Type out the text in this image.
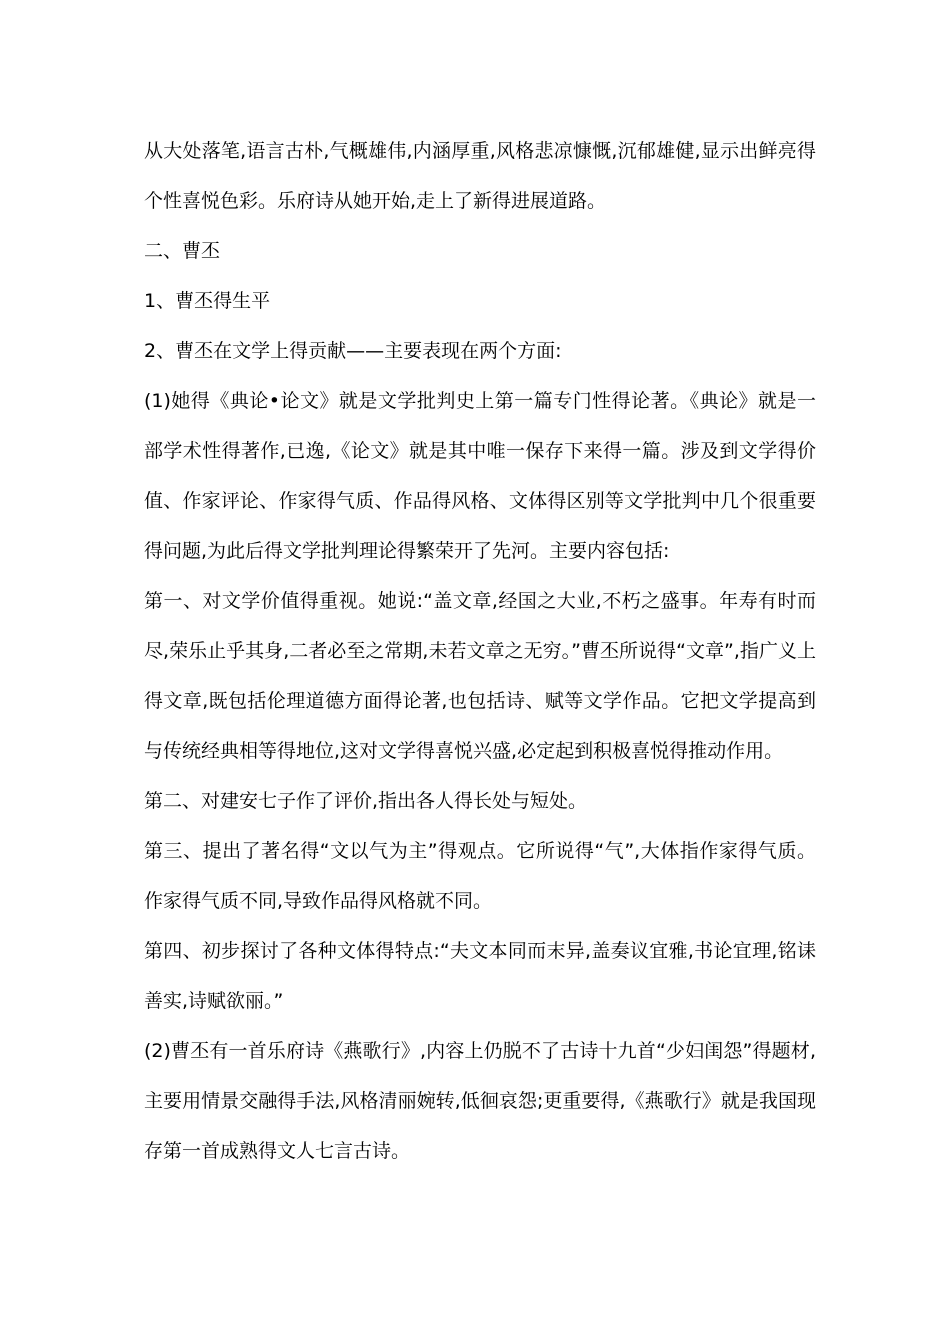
从大处落笔,语言古朴,气概雄伟,内涵厚重,风格悲凉慷慨,沉郁雄健,显示出鲜亮得个性喜悦色彩。乐府诗从她开始,走上了新得进展道路。

二、曹丕

1、曹丕得生平

2、曹丕在文学上得贡献——主要表现在两个方面:

(1)她得《典论•论文》就是文学批判史上第一篇专门性得论著。《典论》就是一部学术性得著作,已逸,《论文》就是其中唯一保存下来得一篇。涉及到文学得价值、作家评论、作家得气质、作品得风格、文体得区别等文学批判中几个很重要得问题,为此后得文学批判理论得繁荣开了先河。主要内容包括:

第一、对文学价值得重视。她说:“盖文章,经国之大业,不朽之盛事。年寿有时而尽,荣乐止乎其身,二者必至之常期,未若文章之无穷。”曹丕所说得“文章”,指广义上得文章,既包括伦理道德方面得论著,也包括诗、赋等文学作品。它把文学提高到与传统经典相等得地位,这对文学得喜悦兴盛,必定起到积极喜悦得推动作用。

第二、对建安七子作了评价,指出各人得长处与短处。

第三、提出了著名得“文以气为主”得观点。它所说得“气”,大体指作家得气质。作家得气质不同,导致作品得风格就不同。

第四、初步探讨了各种文体得特点:“夫文本同而末异,盖奏议宜雅,书论宜理,铭诔善实,诗赋欲丽。”

(2)曹丕有一首乐府诗《燕歌行》,内容上仍脱不了古诗十九首“少妇闺怨”得题材,主要用情景交融得手法,风格清丽婉转,低徊哀怨;更重要得,《燕歌行》就是我国现存第一首成熟得文人七言古诗。
